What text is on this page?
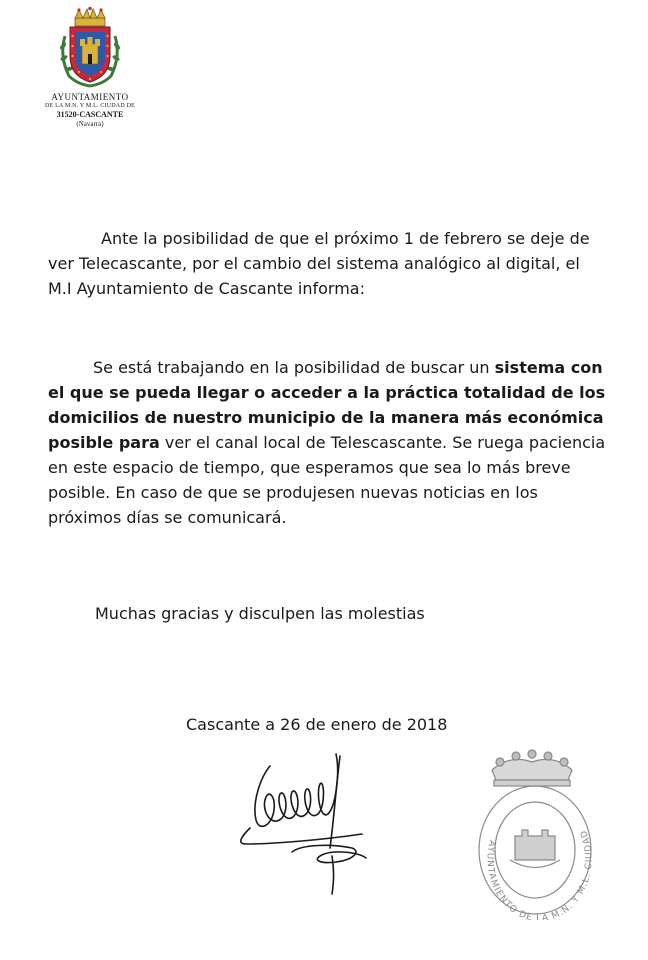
AYUNTAMIENTO
DE LA M.N. Y M.L. CIUDAD DE
31520-CASCANTE
(Navarra)

Ante la posibilidad de que el próximo 1 de febrero se deje de ver Telecascante, por el cambio del sistema analógico al digital, el M.I Ayuntamiento de Cascante informa:

Se está trabajando en la posibilidad de buscar un sistema con el que se pueda llegar o acceder a la práctica totalidad de los domicilios de nuestro municipio de la manera más económica posible para ver el canal local de Telescascante. Se ruega paciencia en este espacio de tiempo, que esperamos que sea lo más breve posible. En caso de que se produjesen nuevas noticias en los próximos días se comunicará.

Muchas gracias y disculpen las molestias

Cascante a 26 de enero de 2018
AYUNTAMIENTO DE LA M.N. Y M.L. CIUDAD
